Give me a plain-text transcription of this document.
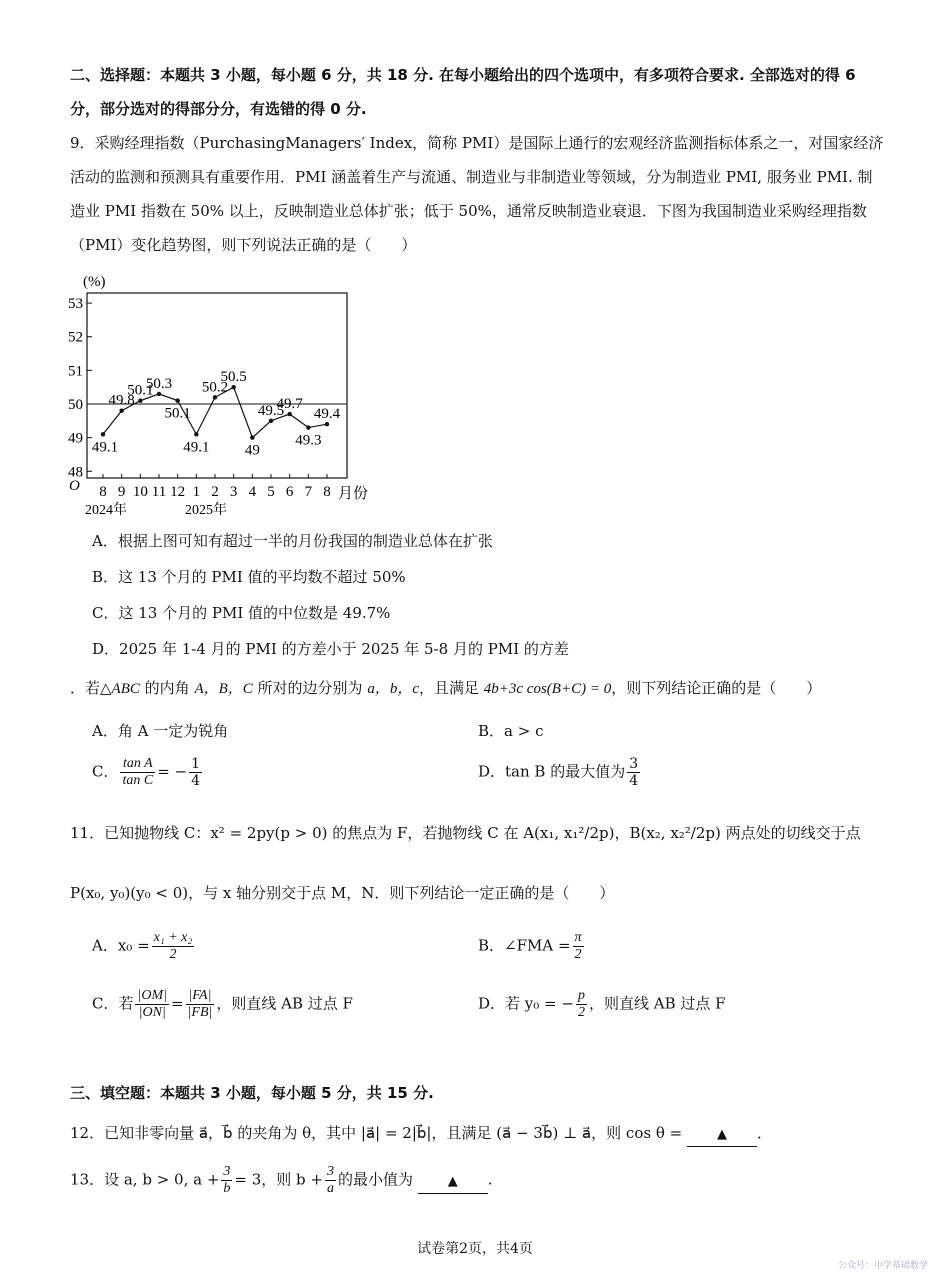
二、选择题：本题共 3 小题，每小题 6 分，共 18 分. 在每小题给出的四个选项中，有多项符合要求. 全部选对的得 6
分，部分选对的得部分分，有选错的得 0 分.
9．采购经理指数（PurchasingManagers′ Index，简称 PMI）是国际上通行的宏观经济监测指标体系之一，对国家经济
活动的监测和预测具有重要作用．PMI 涵盖着生产与流通、制造业与非制造业等领域，分为制造业 PMI, 服务业 PMI. 制
造业 PMI 指数在 50% 以上，反映制造业总体扩张；低于 50%，通常反映制造业衰退．下图为我国制造业采购经理指数
（PMI）变化趋势图，则下列说法正确的是（　　）
(%)
48
49
50
51
52
53
49.1
49.8
50.1
50.3
50.1
49.1
50.2
50.5
49
49.5
49.7
49.3
49.4
8 9 10 11 12 1 2 3 4 5 6 7 8
O	月份
2024年	2025年
A．根据上图可知有超过一半的月份我国的制造业总体在扩张
B．这 13 个月的 PMI 值的平均数不超过 50%
C．这 13 个月的 PMI 值的中位数是 49.7%
D．2025 年 1-4 月的 PMI 的方差小于 2025 年 5-8 月的 PMI 的方差
．若△ABC 的内角 A，B，C 所对的边分别为 a，b，c，且满足 4b+3c cos(B+C) = 0，则下列结论正确的是（　　）
A．角 A 一定为锐角	B．a > c
C． $\frac{\text{tan A}}{\text{tan C}}$ = − $\frac{1}{4}$	D．tan B 的最大值为 $\frac{3}{4}$
11．已知抛物线 C：x² = 2py(p > 0) 的焦点为 F，若抛物线 C 在 A(x₁, x₁²/2p)，B(x₂, x₂²/2p) 两点处的切线交于点
P(x₀, y₀)(y₀ < 0)，与 x 轴分别交于点 M，N．则下列结论一定正确的是（　　）
A．$x_0 = \frac{\text{x₁ + x₂}}{2}$	B．∠FMA = $\frac{\pi}{2}$
C．若 $\frac{|OM|}{|ON|} = \frac{|FA|}{|FB|}$ ，则直线 AB 过点 F	D．若 y₀ = − $\frac{p}{2}$ ，则直线 AB 过点 F
三、填空题：本题共 3 小题，每小题 5 分，共 15 分.
12．已知非零向量 a⃗，b⃗ 的夹角为 θ，其中 |a⃗| = 2|b⃗|，且满足 (a⃗ − 3b⃗) ⊥ a⃗，则 cos θ =	▲ ．
13．设 a, b > 0, $a + \frac{3}{b} = 3$，则 $b + \frac{3}{a}$ 的最小值为	▲ .
试卷第2页，共4页
公众号：中学基础数学
